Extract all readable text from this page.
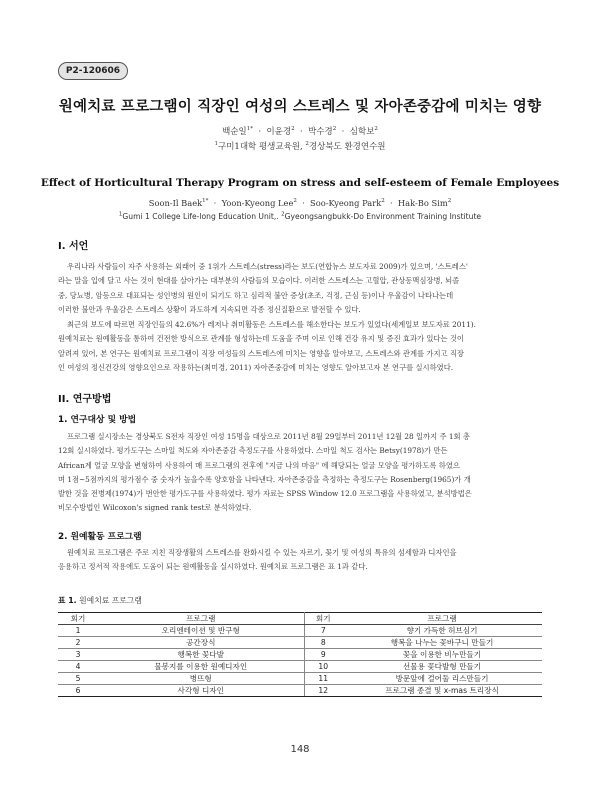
P2-120606
원예치료 프로그램이 직장인 여성의 스트레스 및 자아존중감에 미치는 영향
백순일$^{1*}$  ·  이윤경$^2$  ·  박수경$^2$  ·  심학보$^2$
$^1$구미1대학 평생교육원, $^2$경상북도 환경연수원
Effect of Horticultural Therapy Program on stress and self-esteem of Female Employees
Soon-Il Baek$^{1*}$  ·  Yoon-Kyeong Lee$^2$  ·  Soo-Kyeong Park$^2$  ·  Hak-Bo Sim$^2$
$^1$Gumi 1 College Life-long Education Unit,. $^2$Gyeongsangbukk-Do Environment Training Institute
I. 서언
우리나라 사람들이 자주 사용하는 외래어 중 1위가 스트레스(stress)라는 보도(연합뉴스 보도자료 2009)가 있으며, '스트레스'
라는 말을 입에 달고 사는 것이 현대를 살아가는 대부분의 사람들의 모습이다. 이러한 스트레스는 고혈압, 관상동맥심장병, 뇌졸
중, 당뇨병, 암등으로 대표되는 성인병의 원인이 되기도 하고 심리적 불안 증상(초조, 걱정, 근심 등)이나 우울감이 나타나는데
이러한 불안과 우울감은 스트레스 상황이 과도하게 지속되면 각종 정신질환으로 발전할 수 있다.
최근의 보도에 따르면 직장인들의 42.6%가 레저나 취미활동은 스트레스를 해소한다는 보도가 있었다(세계일보 보도자료 2011).
원예치료는 원예활동을 통하여 건전한 방식으로 관계를 형성하는데 도움을 주며 이로 인해 건강 유지 및 증진 효과가 있다는 것이
알려져 있어, 본 연구는 원예치료 프로그램이 직장 여성들의 스트레스에 미치는 영향을 알아보고, 스트레스와 관계를 가지고 직장
인 여성의 정신건강의 영향요인으로 작용하는(최미경, 2011) 자아존중감에 미치는 영향도 알아보고자 본 연구를 실시하였다.
II. 연구방법
1. 연구대상 및 방법
프로그램 실시장소는 경상북도 S전자 직장인 여성 15명을 대상으로 2011년 8월 29일부터 2011년 12월 28 일까지 주 1회 총
12회 실시하였다. 평가도구는 스마일 척도와 자아존중감 측정도구를 사용하였다. 스마일 척도 검사는 Betsy(1978)가 만든
African계 얼굴 모양을 변형하여 사용하여 매 프로그램의 전후에 "지금 나의 마음" 에 해당되는 얼굴 모양을 평가하도록 하였으
며 1점~5점까지의 평가점수 중 숫자가 높을수록 양호함을 나타낸다. 자아존중감을 측정하는 측정도구는 Rosenberg(1965)가 개
발한 것을 전병제(1974)가 번안한 평가도구를 사용하였다. 평가 자료는 SPSS Window 12.0 프로그램을 사용하였고, 분석방법은
비모수방법인 Wilcoxon's signed rank test로 분석하였다.
2. 원예활동 프로그램
원예치료 프로그램은 주로 지친 직장생활의 스트레스를 완화시킬 수 있는 자르기, 꽂기 및 여성의 특유의 섬세함과 디자인을
응용하고 정서적 작용에도 도움이 되는 원예활동을 실시하였다. 원예치료 프로그램은 표 1과 같다.
표 1. 원예치료 프로그램
회기	프로그램	회기	프로그램
1	오리엔테이션 및 반구형	7	향기 가득한 허브심기
2	공간장식	8	행복을 나누는 꽃바구니 만들기
3	행복한 꽃다발	9	꽃을 이용한 비누만들기
4	물봉지를 이용한 원예디자인	10	선물용 꽃다발형 만들기
5	병뜨형	11	방문앞에 걸어둘 리스만들기
6	사각형 디자인	12	프로그램 종결 및 x-mas 트리장식
148
